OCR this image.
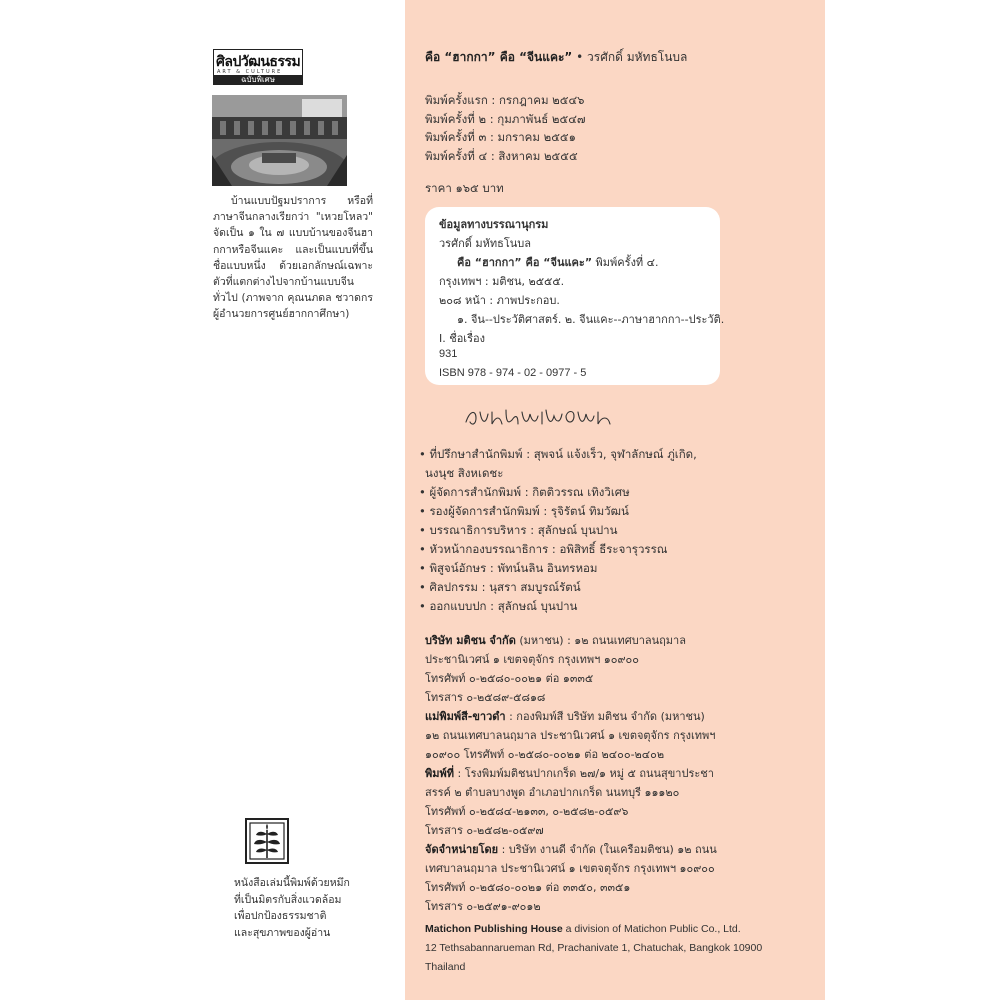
ศิลปวัฒนธรรม
ART & CULTURE
ฉบับพิเศษ

บ้านแบบปัฐมปราการ หรือที่ภาษาจีนกลางเรียกว่า "เหวยโหลว" จัดเป็น ๑ ใน ๗ แบบบ้านของจีนฮากกาหรือจีนแคะ และเป็นแบบที่ขึ้นชื่อแบบหนึ่ง ด้วยเอกลักษณ์เฉพาะตัวที่แตกต่างไปจากบ้านแบบจีนทั่วไป (ภาพจาก คุณนภดล ชวาดกร ผู้อำนวยการศูนย์ฮากกาศึกษา)

หนังสือเล่มนี้พิมพ์ด้วยหมึก
ที่เป็นมิตรกับสิ่งแวดล้อม
เพื่อปกป้องธรรมชาติ
และสุขภาพของผู้อ่าน
คือ “ฮากกา” คือ “จีนแคะ” • วรศักดิ์ มหัทธโนบล
พิมพ์ครั้งแรก : กรกฎาคม ๒๕๔๖
พิมพ์ครั้งที่ ๒ : กุมภาพันธ์ ๒๕๔๗
พิมพ์ครั้งที่ ๓ : มกราคม ๒๕๕๑
พิมพ์ครั้งที่ ๔ : สิงหาคม ๒๕๕๕
ราคา ๑๖๕ บาท
ข้อมูลทางบรรณานุกรม
วรศักดิ์ มหัทธโนบล
คือ “ฮากกา” คือ “จีนแคะ” พิมพ์ครั้งที่ ๔.
กรุงเทพฯ : มติชน, ๒๕๕๕.
๒๐๘ หน้า : ภาพประกอบ.
๑. จีน--ประวัติศาสตร์. ๒. จีนแคะ--ภาษาฮากกา--ประวัติ.
I. ชื่อเรื่อง
931
ISBN 978 - 974 - 02 - 0977 - 5
• ที่ปรึกษาสำนักพิมพ์ : สุพจน์ แจ้งเร็ว, จุฬาลักษณ์ ภู่เกิด,
นงนุช สิงหเดชะ
• ผู้จัดการสำนักพิมพ์ : กิตติวรรณ เทิงวิเศษ
• รองผู้จัดการสำนักพิมพ์ : รุจิรัตน์ ทิมวัฒน์
• บรรณาธิการบริหาร : สุลักษณ์ บุนปาน
• หัวหน้ากองบรรณาธิการ : อพิสิทธิ์ ธีระจารุวรรณ
• พิสูจน์อักษร : พัทน์นลิน อินทรหอม
• ศิลปกรรม : นุสรา สมบูรณ์รัตน์
• ออกแบบปก : สุลักษณ์ บุนปาน
บริษัท มติชน จำกัด (มหาชน) : ๑๒ ถนนเทศบาลนฤมาล
ประชานิเวศน์ ๑ เขตจตุจักร กรุงเทพฯ ๑๐๙๐๐
โทรศัพท์ ๐-๒๕๘๐-๐๐๒๑ ต่อ ๑๓๓๕
โทรสาร ๐-๒๕๘๙-๕๘๑๘
แม่พิมพ์สี-ขาวดำ : กองพิมพ์สี บริษัท มติชน จำกัด (มหาชน)
๑๒ ถนนเทศบาลนฤมาล ประชานิเวศน์ ๑ เขตจตุจักร กรุงเทพฯ
๑๐๙๐๐ โทรศัพท์ ๐-๒๕๘๐-๐๐๒๑ ต่อ ๒๔๐๐-๒๔๐๒
พิมพ์ที่ : โรงพิมพ์มติชนปากเกร็ด ๒๗/๑ หมู่ ๕ ถนนสุขาประชา
สรรค์ ๒ ตำบลบางพูด อำเภอปากเกร็ด นนทบุรี ๑๑๑๒๐
โทรศัพท์ ๐-๒๕๘๔-๒๑๓๓, ๐-๒๕๘๒-๐๕๙๖
โทรสาร ๐-๒๕๘๒-๐๕๙๗
จัดจำหน่ายโดย : บริษัท งานดี จำกัด (ในเครือมติชน) ๑๒ ถนน
เทศบาลนฤมาล ประชานิเวศน์ ๑ เขตจตุจักร กรุงเทพฯ ๑๐๙๐๐
โทรศัพท์ ๐-๒๕๘๐-๐๐๒๑ ต่อ ๓๓๕๐, ๓๓๕๑
โทรสาร ๐-๒๕๙๑-๙๐๑๒
Matichon Publishing House a division of Matichon Public Co., Ltd.
12 Tethsabannarueman Rd, Prachanivate 1, Chatuchak, Bangkok 10900
Thailand
